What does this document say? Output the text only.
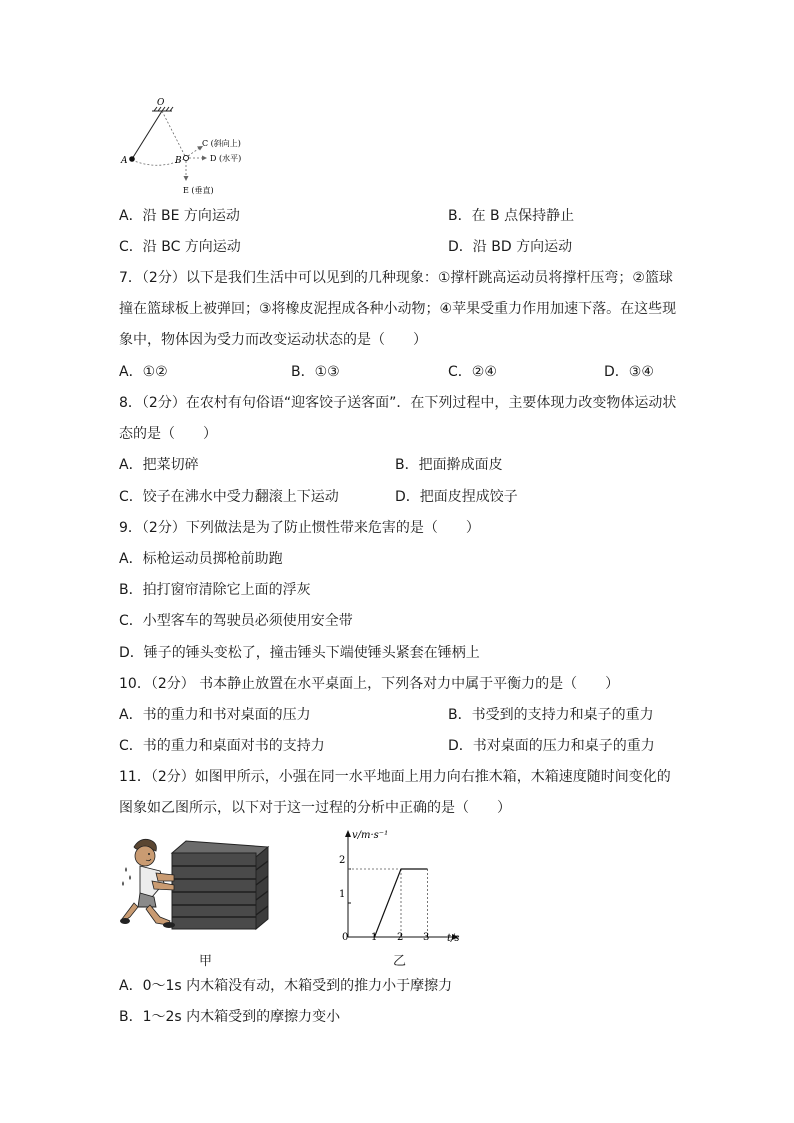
O
A	B
C (斜向上)
D (水平)
E (垂直)
A．沿 BE 方向运动	B．在 B 点保持静止
C．沿 BC 方向运动	D．沿 BD 方向运动
7．（2分）以下是我们生活中可以见到的几种现象：①撑杆跳高运动员将撑杆压弯；②篮球
撞在篮球板上被弹回；③将橡皮泥捏成各种小动物；④苹果受重力作用加速下落。在这些现
象中，物体因为受力而改变运动状态的是（　　）
A．①②	B．①③	C．②④	D．③④
8．（2分）在农村有句俗语“迎客饺子送客面”．在下列过程中，主要体现力改变物体运动状
态的是（　　）
A．把菜切碎	B．把面擀成面皮
C．饺子在沸水中受力翻滚上下运动	D．把面皮捏成饺子
9．（2分）下列做法是为了防止惯性带来危害的是（　　）
A．标枪运动员掷枪前助跑
B．拍打窗帘清除它上面的浮灰
C．小型客车的驾驶员必须使用安全带
D．锤子的锤头变松了，撞击锤头下端使锤头紧套在锤柄上
10．（2分） 书本静止放置在水平桌面上，下列各对力中属于平衡力的是（　　）
A．书的重力和书对桌面的压力	B．书受到的支持力和桌子的重力
C．书的重力和桌面对书的支持力	D．书对桌面的压力和桌子的重力
11．（2分）如图甲所示，小强在同一水平地面上用力向右推木箱，木箱速度随时间变化的
图象如乙图所示，以下对于这一过程的分析中正确的是（　　）
v/m·s⁻¹
t/s
0 1 2 3
1
2
甲	乙
A．0～1s 内木箱没有动，木箱受到的推力小于摩擦力
B．1～2s 内木箱受到的摩擦力变小
